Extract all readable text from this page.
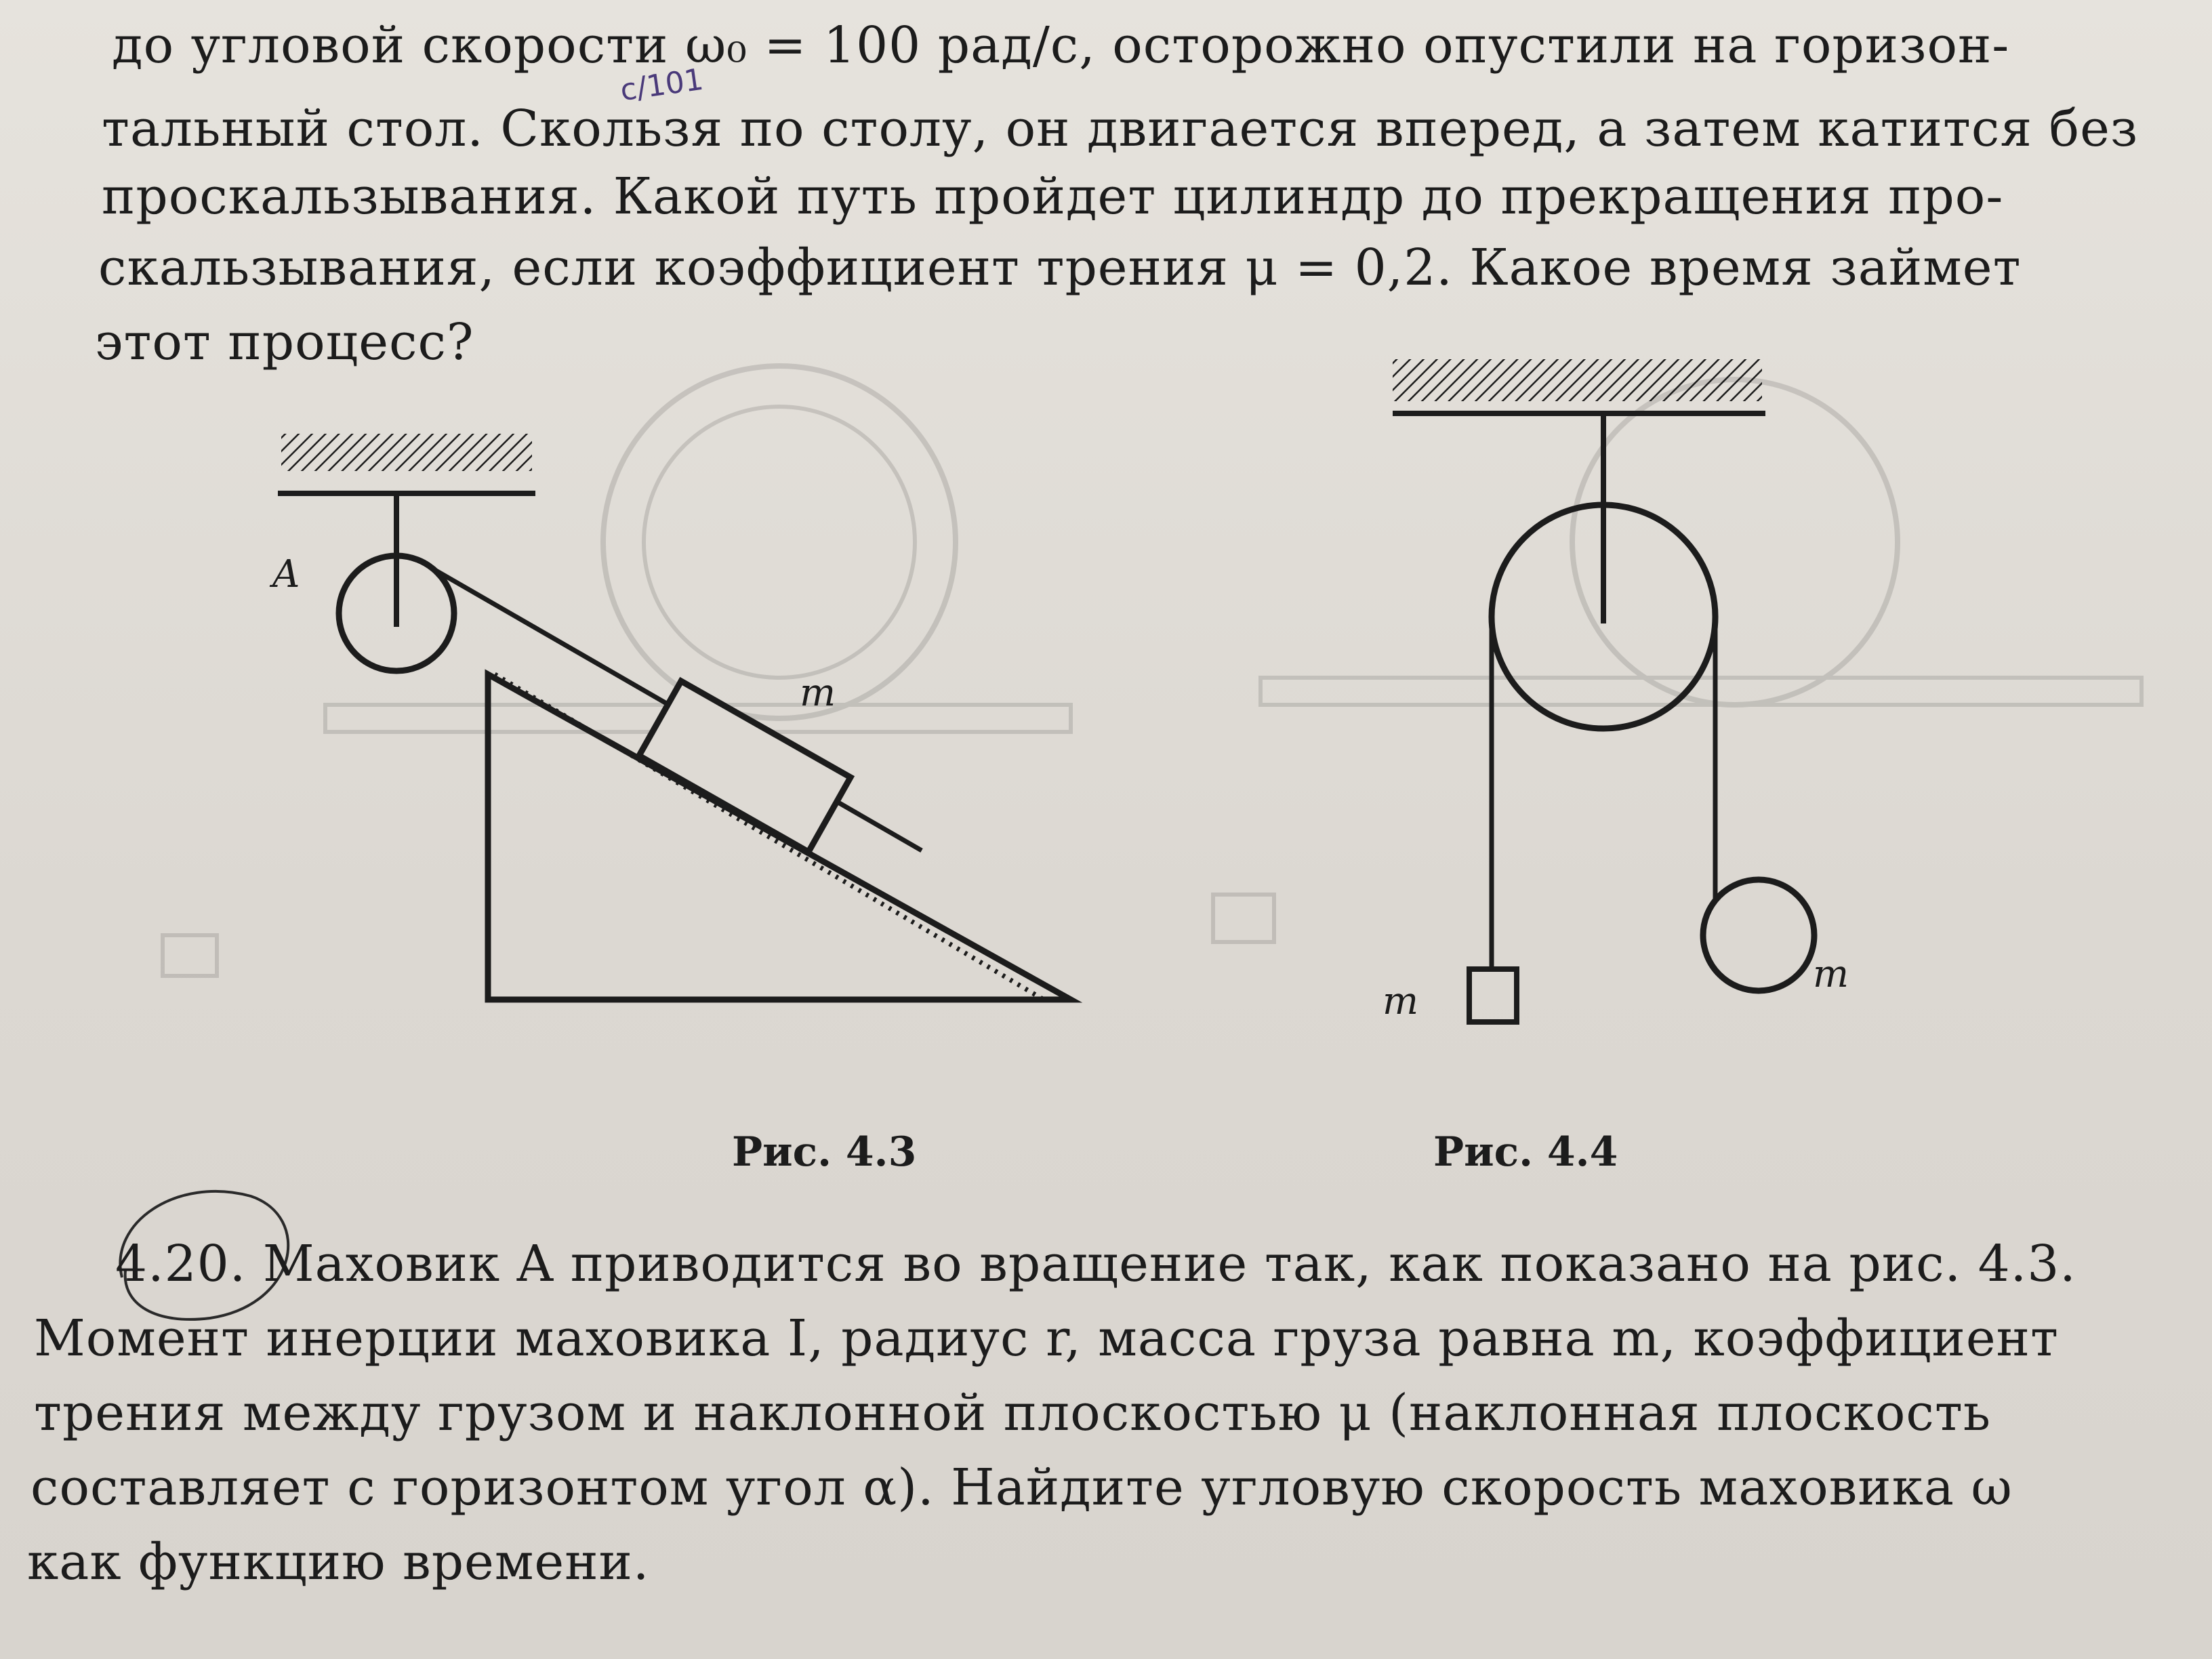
до угловой скорости ω₀ = 100 рад/с, осторожно опустили на горизон-
тальный стол. Скользя по столу, он двигается вперед, а затем катится без
проскальзывания. Какой путь пройдет цилиндр до прекращения про-
скальзывания, если коэффициент трения μ = 0,2. Какое время займет
этот процесс?
c/101
A
m
Рис. 4.3
m
m
Рис. 4.4
4.20. Маховик A приводится во вращение так, как показано на рис. 4.3.
Момент инерции маховика I, радиус r, масса груза равна m, коэффициент
трения между грузом и наклонной плоскостью μ (наклонная плоскость
составляет с горизонтом угол α). Найдите угловую скорость маховика ω
как функцию времени.
